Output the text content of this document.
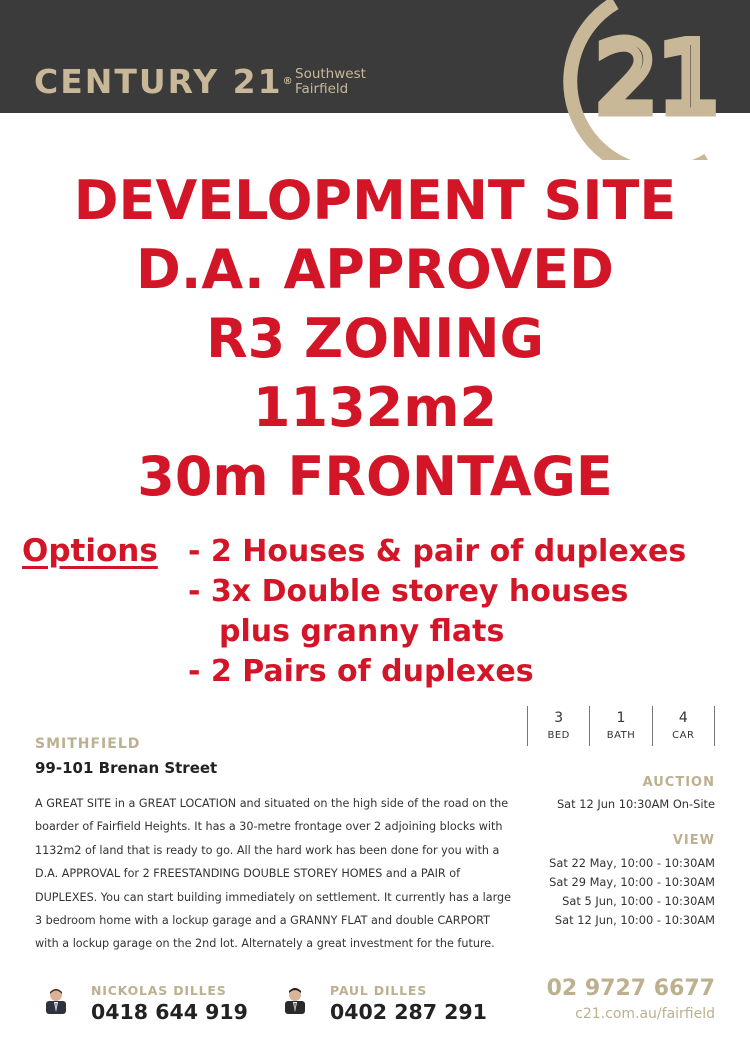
CENTURY 21® Southwest
Fairfield	21
DEVELOPMENT SITE
D.A. APPROVED
R3 ZONING
1132m2
30m FRONTAGE
Options - 2 Houses & pair of duplexes
- 3x Double storey houses
plus granny flats
- 2 Pairs of duplexes
3
BED
1
BATH
4
CAR
SMITHFIELD
99-101 Brenan Street
A GREAT SITE in a GREAT LOCATION and situated on the high side of the road on the boarder of Fairfield Heights. It has a 30-metre frontage over 2 adjoining blocks with 1132m2 of land that is ready to go. All the hard work has been done for you with a D.A. APPROVAL for 2 FREESTANDING DOUBLE STOREY HOMES and a PAIR of DUPLEXES. You can start building immediately on settlement. It currently has a large 3 bedroom home with a lockup garage and a GRANNY FLAT and double CARPORT with a lockup garage on the 2nd lot. Alternately a great investment for the future.
AUCTION
Sat 12 Jun 10:30AM On-Site
VIEW
Sat 22 May, 10:00 - 10:30AM
Sat 29 May, 10:00 - 10:30AM
Sat 5 Jun, 10:00 - 10:30AM
Sat 12 Jun, 10:00 - 10:30AM
NICKOLAS DILLES
0418 644 919
PAUL DILLES
0402 287 291
02 9727 6677
c21.com.au/fairfield
